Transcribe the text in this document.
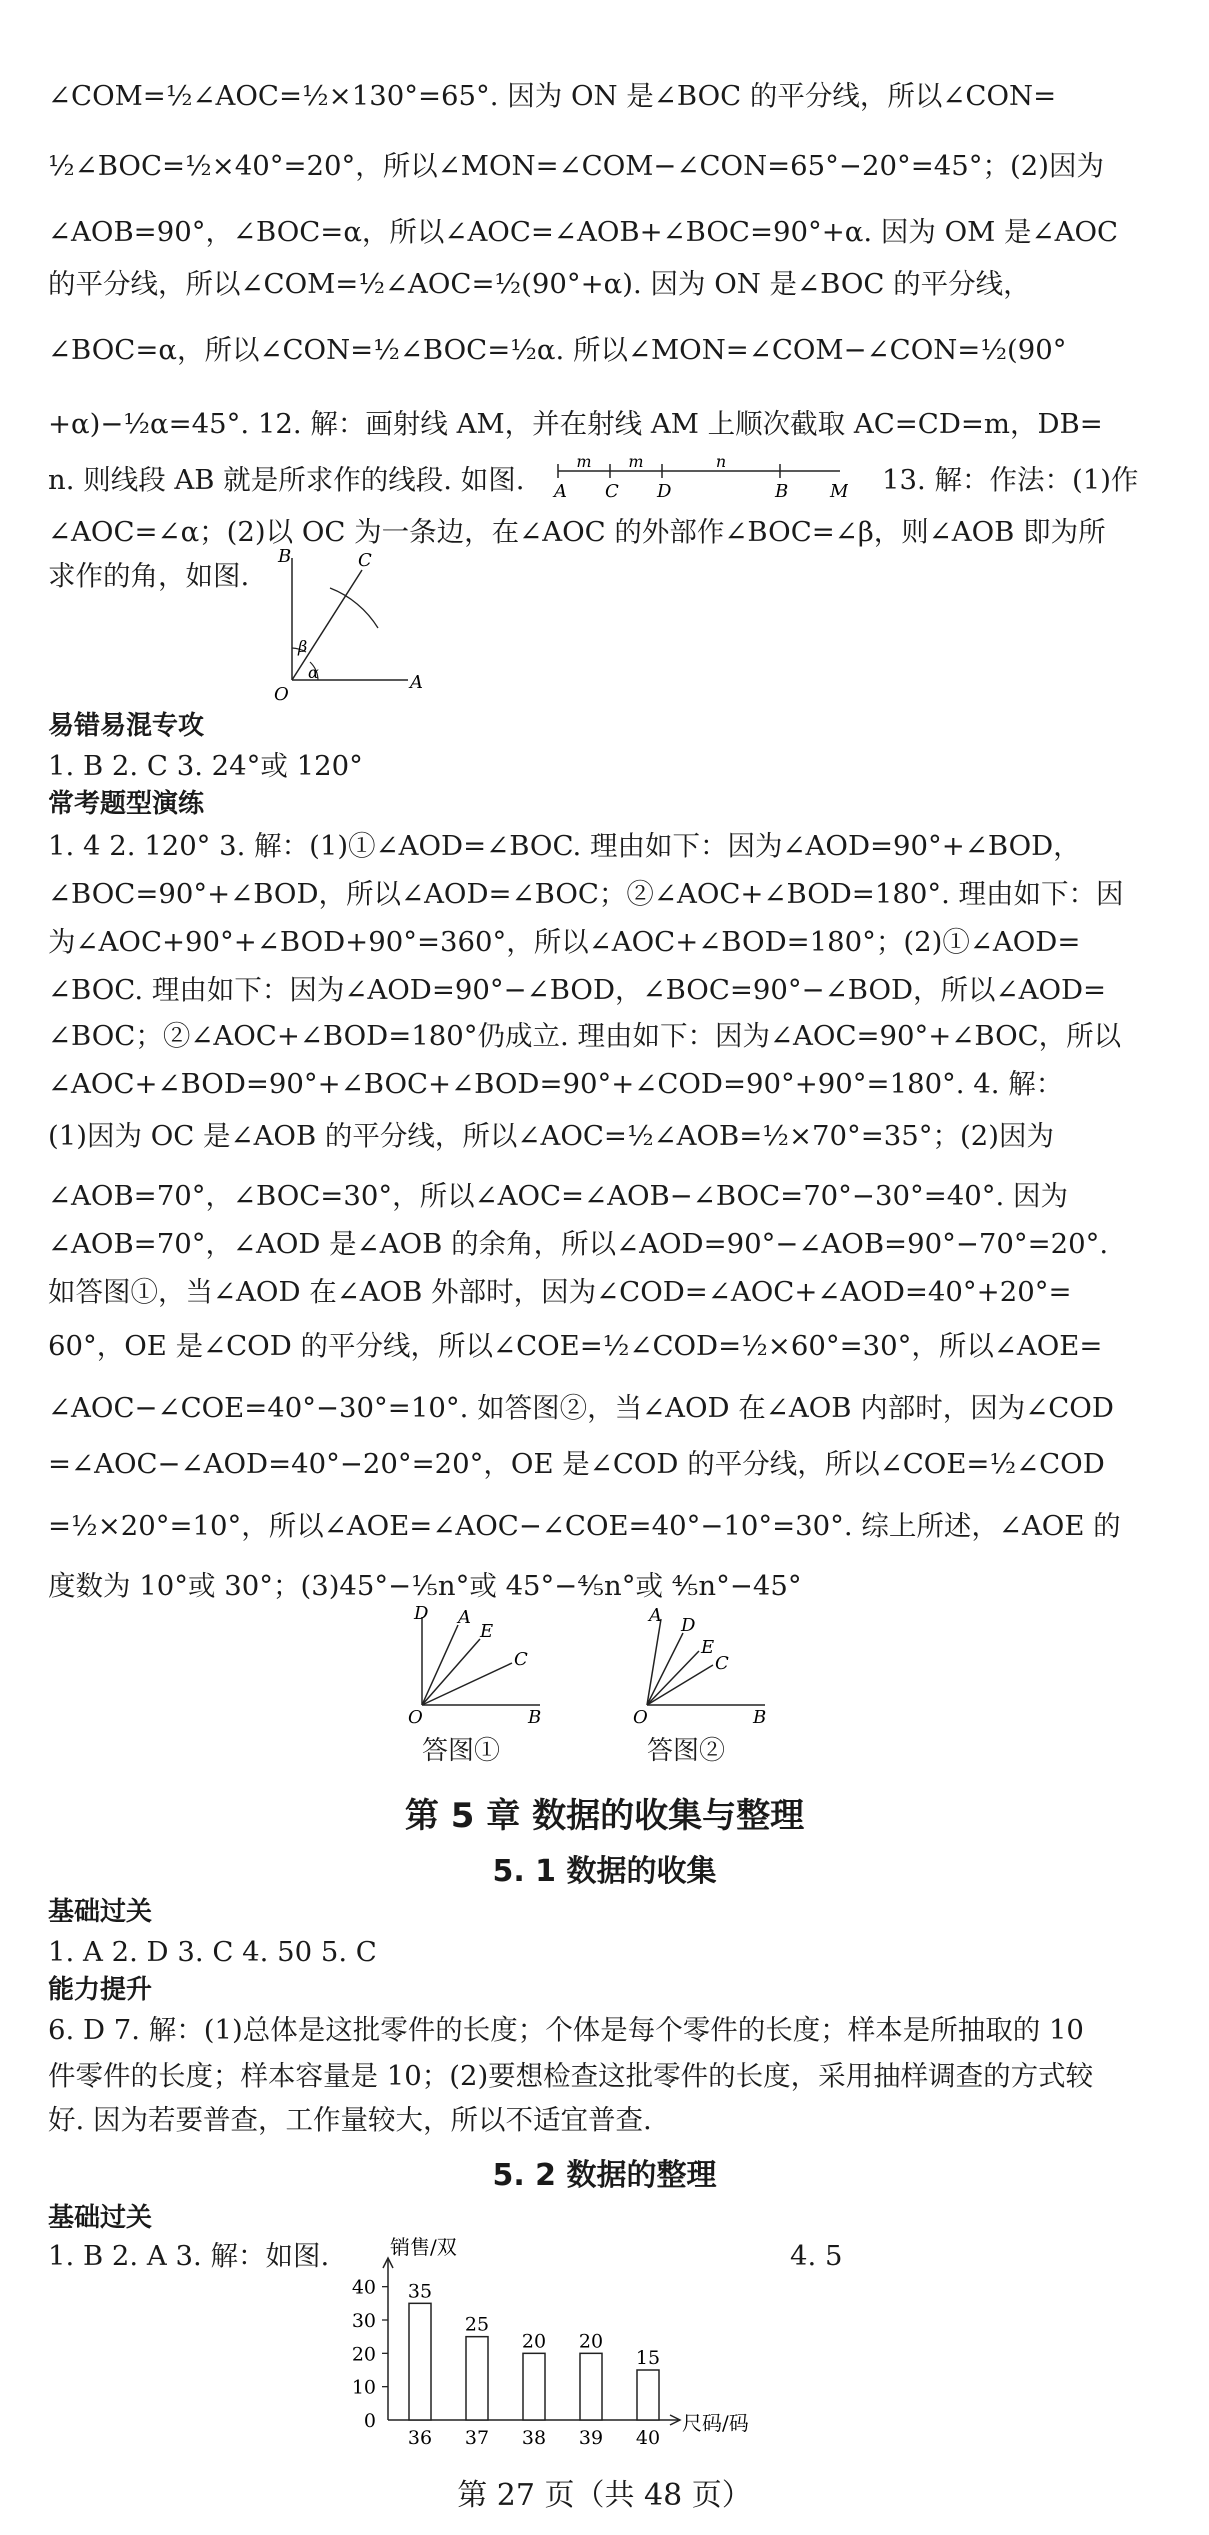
∠COM=½∠AOC=½×130°=65°. 因为 ON 是∠BOC 的平分线，所以∠CON=
½∠BOC=½×40°=20°，所以∠MON=∠COM−∠CON=65°−20°=45°；(2)因为
∠AOB=90°，∠BOC=α，所以∠AOC=∠AOB+∠BOC=90°+α. 因为 OM 是∠AOC
的平分线，所以∠COM=½∠AOC=½(90°+α). 因为 ON 是∠BOC 的平分线，
∠BOC=α，所以∠CON=½∠BOC=½α. 所以∠MON=∠COM−∠CON=½(90°
+α)−½α=45°. 12. 解：画射线 AM，并在射线 AM 上顺次截取 AC=CD=m，DB=
n. 则线段 AB 就是所求作的线段. 如图.
m m	n
A C D	B M 13. 解：作法：(1)作
∠AOC=∠α；(2)以 OC 为一条边，在∠AOC 的外部作∠BOC=∠β，则∠AOB 即为所
求作的角，如图.
α
β
B	C
O
A
易错易混专攻
1. B 2. C 3. 24°或 120°
常考题型演练
1. 4 2. 120° 3. 解：(1)①∠AOD=∠BOC. 理由如下：因为∠AOD=90°+∠BOD，
∠BOC=90°+∠BOD，所以∠AOD=∠BOC；②∠AOC+∠BOD=180°. 理由如下：因
为∠AOC+90°+∠BOD+90°=360°，所以∠AOC+∠BOD=180°；(2)①∠AOD=
∠BOC. 理由如下：因为∠AOD=90°−∠BOD，∠BOC=90°−∠BOD，所以∠AOD=
∠BOC；②∠AOC+∠BOD=180°仍成立. 理由如下：因为∠AOC=90°+∠BOC，所以
∠AOC+∠BOD=90°+∠BOC+∠BOD=90°+∠COD=90°+90°=180°. 4. 解：
(1)因为 OC 是∠AOB 的平分线，所以∠AOC=½∠AOB=½×70°=35°；(2)因为
∠AOB=70°，∠BOC=30°，所以∠AOC=∠AOB−∠BOC=70°−30°=40°. 因为
∠AOB=70°，∠AOD 是∠AOB 的余角，所以∠AOD=90°−∠AOB=90°−70°=20°.
如答图①，当∠AOD 在∠AOB 外部时，因为∠COD=∠AOC+∠AOD=40°+20°=
60°，OE 是∠COD 的平分线，所以∠COE=½∠COD=½×60°=30°，所以∠AOE=
∠AOC−∠COE=40°−30°=10°. 如答图②，当∠AOD 在∠AOB 内部时，因为∠COD
=∠AOC−∠AOD=40°−20°=20°，OE 是∠COD 的平分线，所以∠COE=½∠COD
=½×20°=10°，所以∠AOE=∠AOC−∠COE=40°−10°=30°. 综上所述，∠AOE 的
度数为 10°或 30°；(3)45°−⅕n°或 45°−⅘n°或 ⅘n°−45°
D A
E
C
O	B
答图①
A D
E
C
O	B
答图②
第 5 章 数据的收集与整理
5. 1 数据的收集
基础过关
1. A 2. D 3. C 4. 50 5. C
能力提升
6. D 7. 解：(1)总体是这批零件的长度；个体是每个零件的长度；样本是所抽取的 10
件零件的长度；样本容量是 10；(2)要想检查这批零件的长度，采用抽样调查的方式较
好. 因为若要普查，工作量较大，所以不适宜普查.
5. 2 数据的整理
基础过关
1. B 2. A 3. 解：如图.	4. 5
销售/双
尺码/码
0
10
20
30
40 35
36
25
37
20
38
20
39
15
40
第 27 页（共 48 页）
